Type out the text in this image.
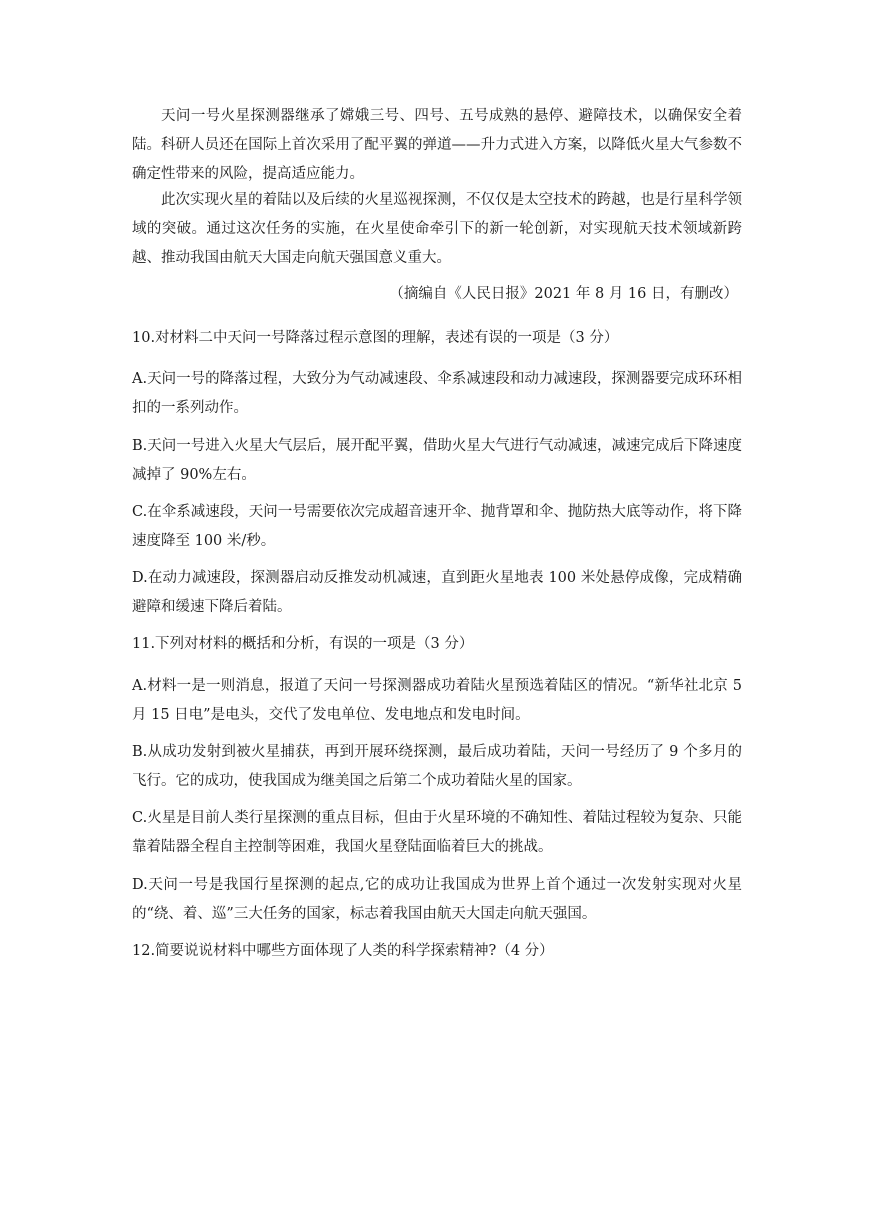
天问一号火星探测器继承了嫦娥三号、四号、五号成熟的悬停、避障技术，以确保安全着陆。科研人员还在国际上首次采用了配平翼的弹道——升力式进入方案，以降低火星大气参数不确定性带来的风险，提高适应能力。

此次实现火星的着陆以及后续的火星巡视探测，不仅仅是太空技术的跨越，也是行星科学领域的突破。通过这次任务的实施，在火星使命牵引下的新一轮创新，对实现航天技术领域新跨越、推动我国由航天大国走向航天强国意义重大。

（摘编自《人民日报》2021 年 8 月 16 日，有删改）

10.对材料二中天问一号降落过程示意图的理解，表述有误的一项是（3 分）

A.天问一号的降落过程，大致分为气动减速段、伞系减速段和动力减速段，探测器要完成环环相扣的一系列动作。

B.天问一号进入火星大气层后，展开配平翼，借助火星大气进行气动减速，减速完成后下降速度减掉了 90%左右。

C.在伞系减速段，天问一号需要依次完成超音速开伞、抛背罩和伞、抛防热大底等动作，将下降速度降至 100 米/秒。

D.在动力减速段，探测器启动反推发动机减速，直到距火星地表 100 米处悬停成像，完成精确避障和缓速下降后着陆。

11.下列对材料的概括和分析，有误的一项是（3 分）

A.材料一是一则消息，报道了天问一号探测器成功着陆火星预选着陆区的情况。“新华社北京 5 月 15 日电”是电头，交代了发电单位、发电地点和发电时间。

B.从成功发射到被火星捕获，再到开展环绕探测，最后成功着陆，天问一号经历了 9 个多月的飞行。它的成功，使我国成为继美国之后第二个成功着陆火星的国家。

C.火星是目前人类行星探测的重点目标，但由于火星环境的不确知性、着陆过程较为复杂、只能靠着陆器全程自主控制等困难，我国火星登陆面临着巨大的挑战。

D.天问一号是我国行星探测的起点,它的成功让我国成为世界上首个通过一次发射实现对火星的“绕、着、巡”三大任务的国家，标志着我国由航天大国走向航天强国。

12.简要说说材料中哪些方面体现了人类的科学探索精神?（4 分）
